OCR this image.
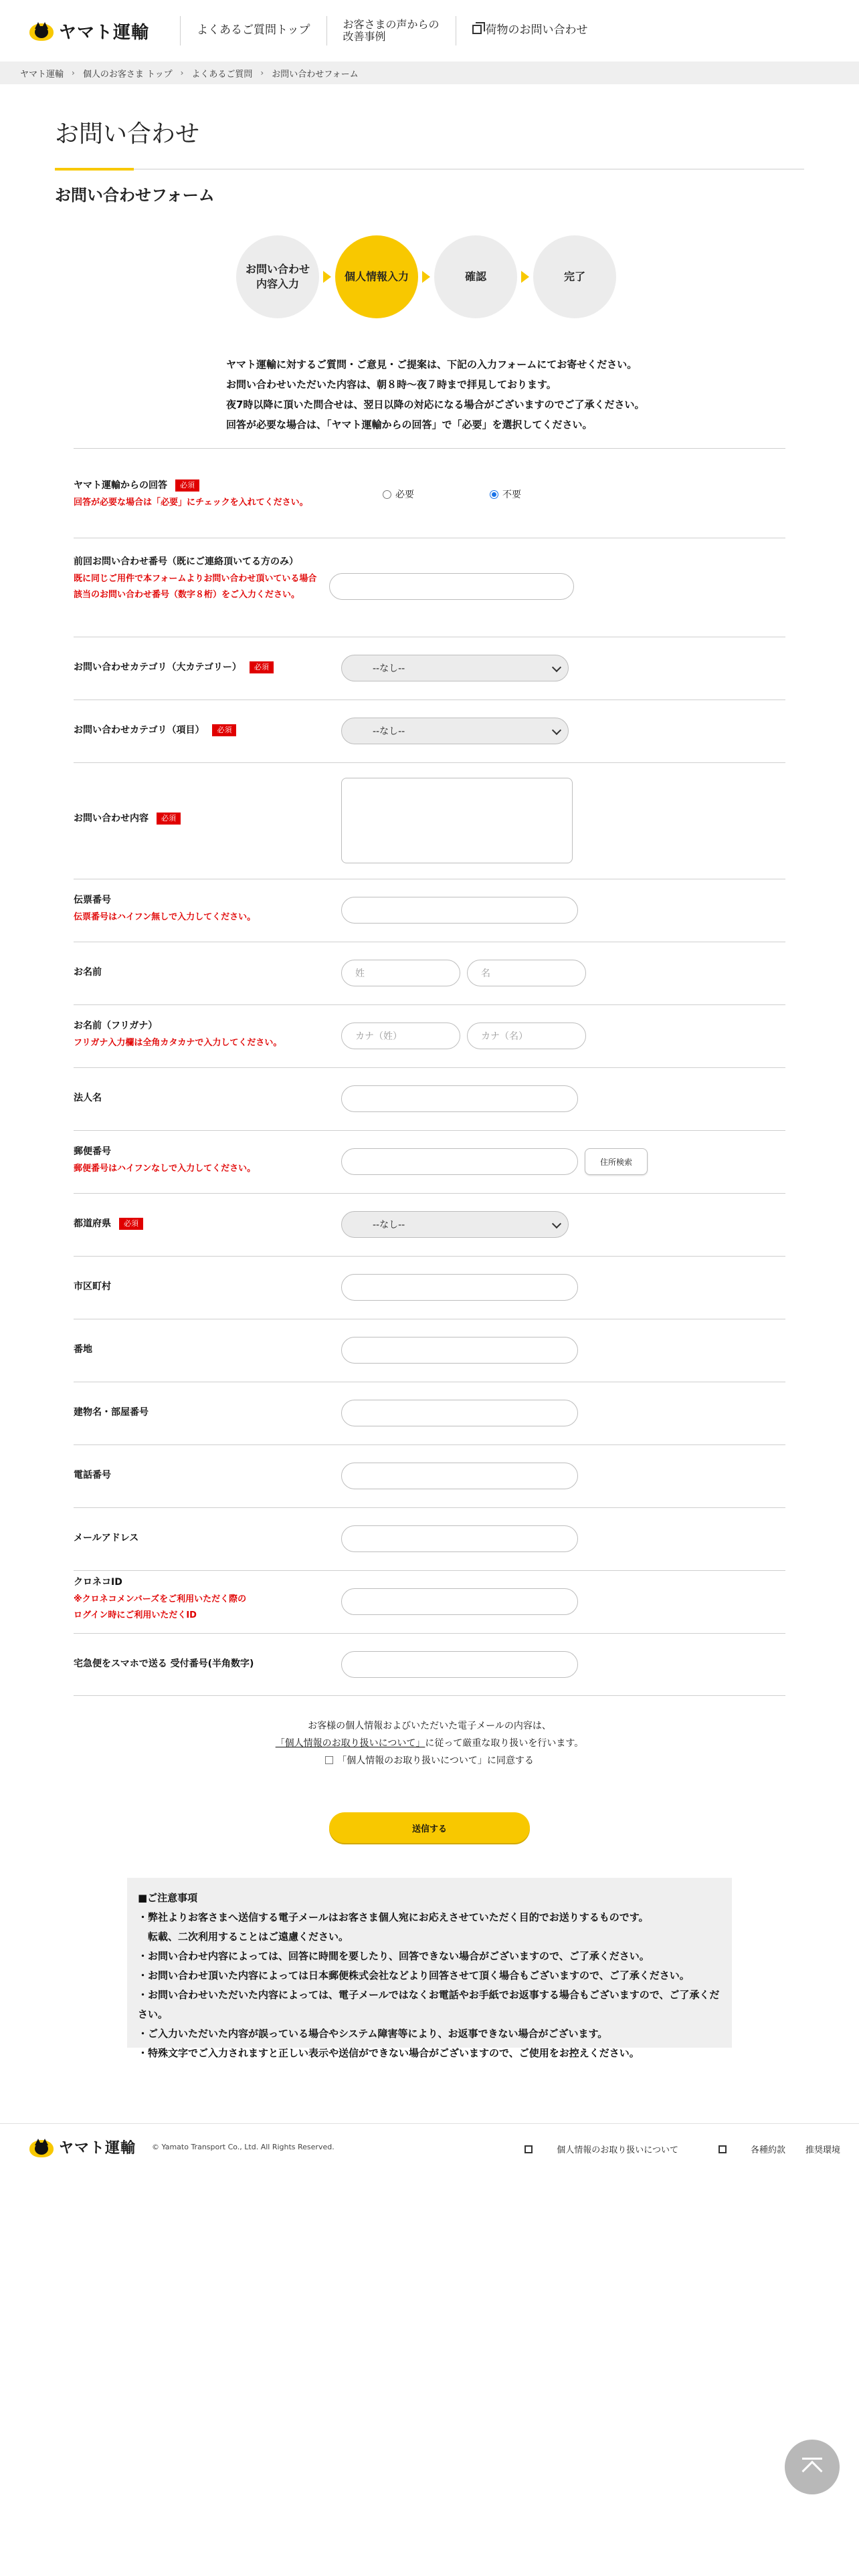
ヤマト運輸	よくあるご質問トップ	お客さまの声からの
改善事例	荷物のお問い合わせ
ヤマト運輸 › 個人のお客さま トップ › よくあるご質問 › お問い合わせフォーム
お問い合わせ
お問い合わせフォーム
お問い合わせ
内容入力
個人情報入力	確認	完了
ヤマト運輸に対するご質問・ご意見・ご提案は、下記の入力フォームにてお寄せください。
お問い合わせいただいた内容は、朝８時〜夜７時まで拝見しております。
夜7時以降に頂いた問合せは、翌日以降の対応になる場合がございますのでご了承ください。
回答が必要な場合は、「ヤマト運輸からの回答」で「必要」を選択してください。
ヤマト運輸からの回答 必須
回答が必要な場合は「必要」にチェックを入れてください。
必要	不要
前回お問い合わせ番号（既にご連絡頂いてる方のみ）
既に同じご用件で本フォームよりお問い合わせ頂いている場合
該当のお問い合わせ番号（数字８桁）をご入力ください。
お問い合わせカテゴリ（大カテゴリー） 必須	--なし--
お問い合わせカテゴリ（項目） 必須	--なし--
お問い合わせ内容 必須
伝票番号
伝票番号はハイフン無しで入力してください。
お名前	姓	名
お名前（フリガナ）
フリガナ入力欄は全角カタカナで入力してください。
カナ（姓）	カナ（名）
法人名
郵便番号
郵便番号はハイフンなしで入力してください。
住所検索
都道府県 必須	--なし--
市区町村
番地
建物名・部屋番号
電話番号
メールアドレス
クロネコID
※クロネコメンバーズをご利用いただく際の
ログイン時にご利用いただくID
宅急便をスマホで送る 受付番号(半角数字)
お客様の個人情報およびいただいた電子メールの内容は、
「個人情報のお取り扱いについて」に従って厳重な取り扱いを行います。
「個人情報のお取り扱いについて」に同意する
送信する
■ご注意事項
・弊社よりお客さまへ送信する電子メールはお客さま個人宛にお応えさせていただく目的でお送りするものです。
　転載、二次利用することはご遠慮ください。
・お問い合わせ内容によっては、回答に時間を要したり、回答できない場合がございますので、ご了承ください。
・お問い合わせ頂いた内容によっては日本郵便株式会社などより回答させて頂く場合もございますので、ご了承ください。
・お問い合わせいただいた内容によっては、電子メールではなくお電話やお手紙でお返事する場合もございますので、ご了承ください。
・ご入力いただいた内容が誤っている場合やシステム障害等により、お返事できない場合がございます。
・特殊文字でご入力されますと正しい表示や送信ができない場合がございますので、ご使用をお控えください。
ヤマト運輸 © Yamato Transport Co., Ltd. All Rights Reserved.	個人情報のお取り扱いについて	各種約款 推奨環境
